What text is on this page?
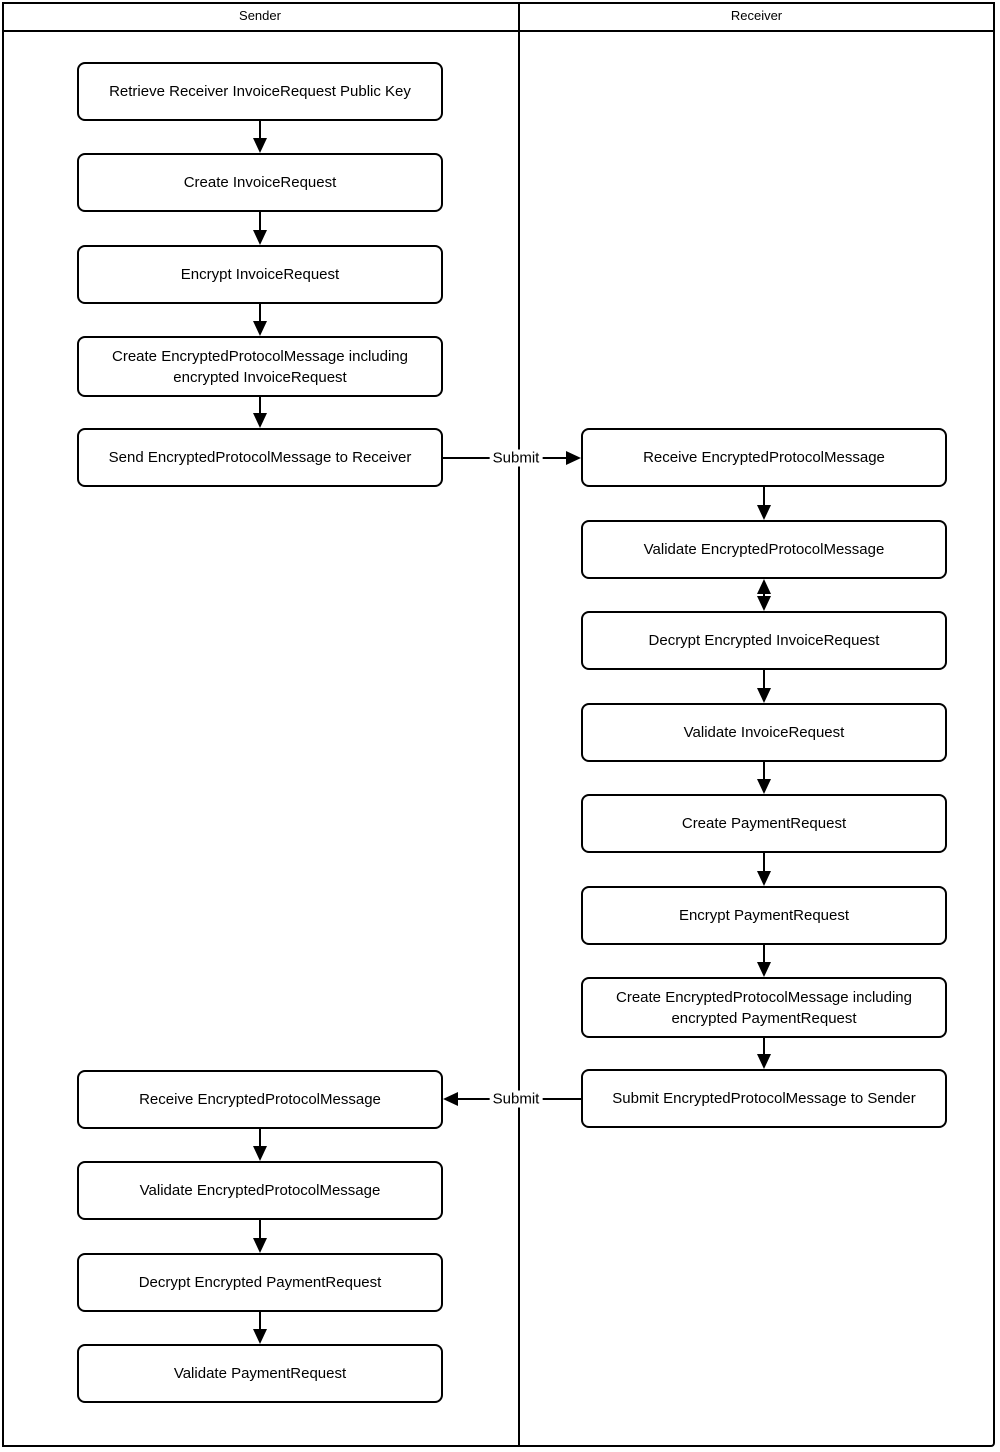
Sender	Receiver
Submit
Submit
Retrieve Receiver InvoiceRequest Public Key
Create InvoiceRequest
Encrypt InvoiceRequest
Create EncryptedProtocolMessage including encrypted InvoiceRequest
Send EncryptedProtocolMessage to Receiver	Receive EncryptedProtocolMessage
Validate EncryptedProtocolMessage
Decrypt Encrypted InvoiceRequest
Validate InvoiceRequest
Create PaymentRequest
Encrypt PaymentRequest
Create EncryptedProtocolMessage including encrypted PaymentRequest
Submit EncryptedProtocolMessage to Sender
Receive EncryptedProtocolMessage
Validate EncryptedProtocolMessage
Decrypt Encrypted PaymentRequest
Validate PaymentRequest
